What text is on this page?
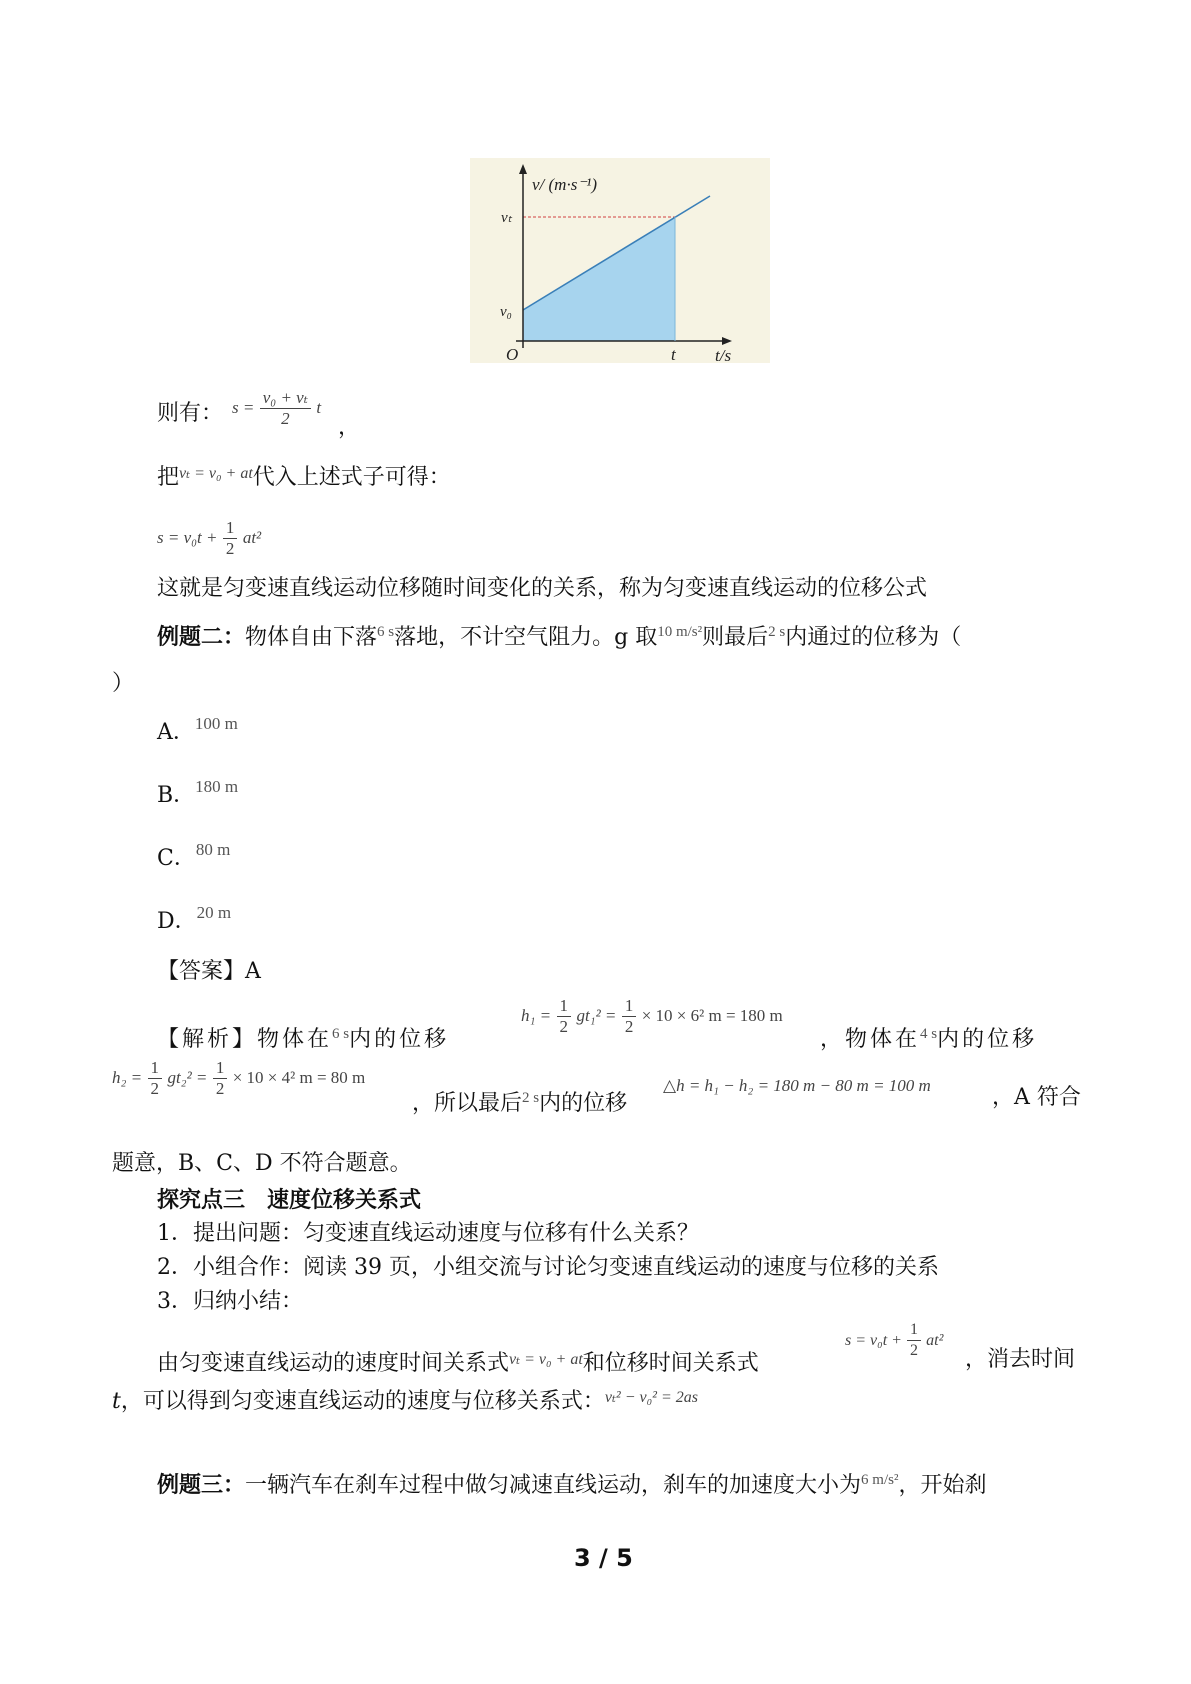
v/ (m·s⁻¹)
t/s
O
v₀
vₜ
t
则有： $s = \frac{\text{v₀ + vₜ}}{2}$ t
，
把$^{v_t = v_0 + at}$代入上述式子可得：
$s = v_0t + \frac{1}{2} at^2$
这就是匀变速直线运动位移随时间变化的关系，称为匀变速直线运动的位移公式
例题二：物体自由下落$^{6 s}$落地，不计空气阻力。g 取$^{10 m/s^2}$则最后$^{2 s}$内通过的位移为（
）
A．$^{100 m}$
B．$^{180 m}$
C．$^{80 m}$
D．$^{20 m}$
【答案】A
【解析】物体在$^{6 s}$内的位移
$h_1 = \frac{1}{2} gt_1^2 = \frac{1}{2} \times 10 \times 6^2$ m = 180 m
，物体在$^{4 s}$内的位移
$h_2 = \frac{1}{2} gt_2^2 = \frac{1}{2} \times 10 \times 4^2$ m = 80 m
，所以最后$^{2 s}$内的位移
△h = h₁ − h₂ = 180 m − 80 m = 100 m	，A 符合
题意，B、C、D 不符合题意。
探究点三　速度位移关系式
1．提出问题：匀变速直线运动速度与位移有什么关系？
2．小组合作：阅读 39 页，小组交流与讨论匀变速直线运动的速度与位移的关系
3．归纳小结：
由匀变速直线运动的速度时间关系式$^{v_t = v_0 + at}$和位移时间关系式
$s = v_0t + \frac{1}{2} at^2$
，消去时间
t，可以得到匀变速直线运动的速度与位移关系式：$^{v_t^2 - v_0^2 = 2as}$
例题三：一辆汽车在刹车过程中做匀减速直线运动，刹车的加速度大小为$^{6 m/s^2}$，开始刹
3 / 5
